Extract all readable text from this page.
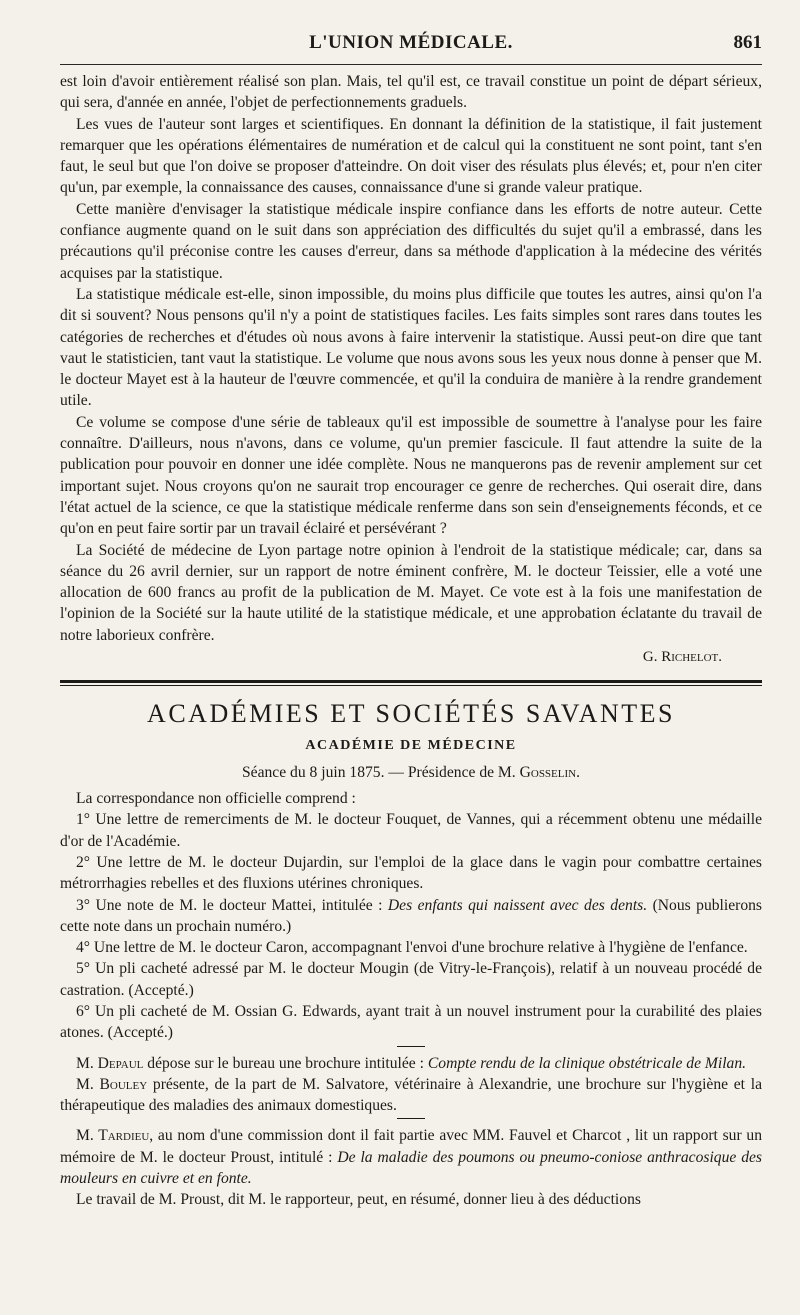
L'UNION MÉDICALE.	861

est loin d'avoir entièrement réalisé son plan. Mais, tel qu'il est, ce travail constitue un point de départ sérieux, qui sera, d'année en année, l'objet de perfectionnements graduels.

Les vues de l'auteur sont larges et scientifiques. En donnant la définition de la statistique, il fait justement remarquer que les opérations élémentaires de numération et de calcul qui la constituent ne sont point, tant s'en faut, le seul but que l'on doive se proposer d'atteindre. On doit viser des résulats plus élevés; et, pour n'en citer qu'un, par exemple, la connaissance des causes, connaissance d'une si grande valeur pratique.

Cette manière d'envisager la statistique médicale inspire confiance dans les efforts de notre auteur. Cette confiance augmente quand on le suit dans son appréciation des difficultés du sujet qu'il a embrassé, dans les précautions qu'il préconise contre les causes d'erreur, dans sa méthode d'application à la médecine des vérités acquises par la statistique.

La statistique médicale est-elle, sinon impossible, du moins plus difficile que toutes les autres, ainsi qu'on l'a dit si souvent? Nous pensons qu'il n'y a point de statistiques faciles. Les faits simples sont rares dans toutes les catégories de recherches et d'études où nous avons à faire intervenir la statistique. Aussi peut-on dire que tant vaut le statisticien, tant vaut la statistique. Le volume que nous avons sous les yeux nous donne à penser que M. le docteur Mayet est à la hauteur de l'œuvre commencée, et qu'il la conduira de manière à la rendre grandement utile.

Ce volume se compose d'une série de tableaux qu'il est impossible de soumettre à l'analyse pour les faire connaître. D'ailleurs, nous n'avons, dans ce volume, qu'un premier fascicule. Il faut attendre la suite de la publication pour pouvoir en donner une idée complète. Nous ne manquerons pas de revenir amplement sur cet important sujet. Nous croyons qu'on ne saurait trop encourager ce genre de recherches. Qui oserait dire, dans l'état actuel de la science, ce que la statistique médicale renferme dans son sein d'enseignements féconds, et ce qu'on en peut faire sortir par un travail éclairé et persévérant ?

La Société de médecine de Lyon partage notre opinion à l'endroit de la statistique médicale; car, dans sa séance du 26 avril dernier, sur un rapport de notre éminent confrère, M. le docteur Teissier, elle a voté une allocation de 600 francs au profit de la publication de M. Mayet. Ce vote est à la fois une manifestation de l'opinion de la Société sur la haute utilité de la statistique médicale, et une approbation éclatante du travail de notre laborieux confrère.

G. Richelot.

ACADÉMIES ET SOCIÉTÉS SAVANTES
ACADÉMIE DE MÉDECINE
Séance du 8 juin 1875. — Présidence de M. Gosselin.

La correspondance non officielle comprend :

1° Une lettre de remerciments de M. le docteur Fouquet, de Vannes, qui a récemment obtenu une médaille d'or de l'Académie.

2° Une lettre de M. le docteur Dujardin, sur l'emploi de la glace dans le vagin pour combattre certaines métrorrhagies rebelles et des fluxions utérines chroniques.

3° Une note de M. le docteur Mattei, intitulée : Des enfants qui naissent avec des dents. (Nous publierons cette note dans un prochain numéro.)

4° Une lettre de M. le docteur Caron, accompagnant l'envoi d'une brochure relative à l'hygiène de l'enfance.

5° Un pli cacheté adressé par M. le docteur Mougin (de Vitry-le-François), relatif à un nouveau procédé de castration. (Accepté.)

6° Un pli cacheté de M. Ossian G. Edwards, ayant trait à un nouvel instrument pour la curabilité des plaies atones. (Accepté.)

M. Depaul dépose sur le bureau une brochure intitulée : Compte rendu de la clinique obstétricale de Milan.

M. Bouley présente, de la part de M. Salvatore, vétérinaire à Alexandrie, une brochure sur l'hygiène et la thérapeutique des maladies des animaux domestiques.

M. Tardieu, au nom d'une commission dont il fait partie avec MM. Fauvel et Charcot , lit un rapport sur un mémoire de M. le docteur Proust, intitulé : De la maladie des poumons ou pneumo-coniose anthracosique des mouleurs en cuivre et en fonte.

Le travail de M. Proust, dit M. le rapporteur, peut, en résumé, donner lieu à des déductions
